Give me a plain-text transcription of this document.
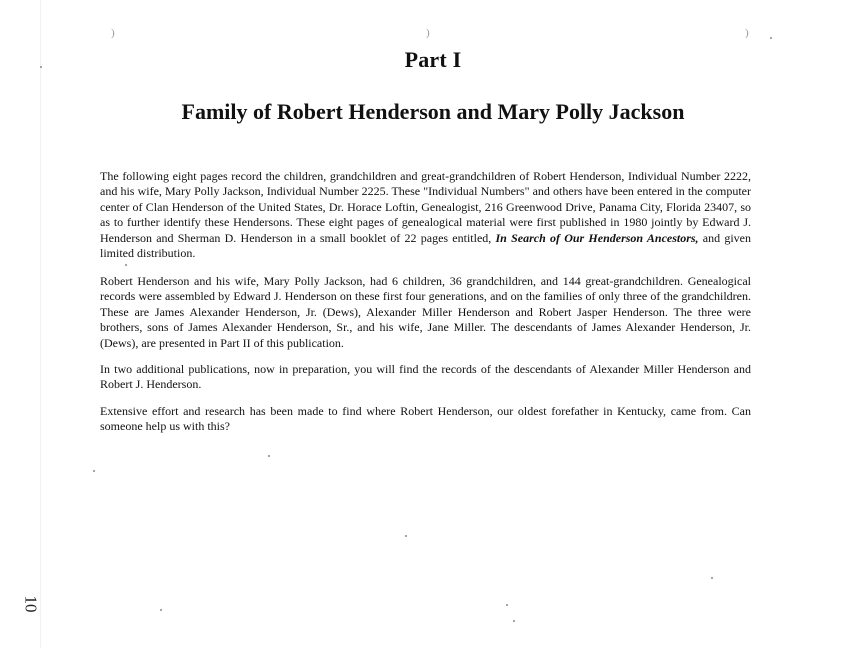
)	)	)
Part I
Family of Robert Henderson and Mary Polly Jackson

The following eight pages record the children, grandchildren and great-grandchildren of Robert Henderson, Individual Number 2222, and his wife, Mary Polly Jackson, Individual Number 2225. These "Individual Numbers" and others have been entered in the computer center of Clan Henderson of the United States, Dr. Horace Loftin, Genealogist, 216 Greenwood Drive, Panama City, Florida 23407, so as to further identify these Hendersons. These eight pages of genealogical material were first published in 1980 jointly by Edward J. Henderson and Sherman D. Henderson in a small booklet of 22 pages entitled, In Search of Our Henderson Ancestors, and given limited distribution.

Robert Henderson and his wife, Mary Polly Jackson, had 6 children, 36 grandchildren, and 144 great-grandchildren. Genealogical records were assembled by Edward J. Henderson on these first four generations, and on the families of only three of the grandchildren. These are James Alexander Henderson, Jr. (Dews), Alexander Miller Henderson and Robert Jasper Henderson. The three were brothers, sons of James Alexander Henderson, Sr., and his wife, Jane Miller. The descendants of James Alexander Henderson, Jr. (Dews), are presented in Part II of this publication.

In two additional publications, now in preparation, you will find the records of the descendants of Alexander Miller Henderson and Robert J. Henderson.

Extensive effort and research has been made to find where Robert Henderson, our oldest forefather in Kentucky, came from. Can someone help us with this?

10
